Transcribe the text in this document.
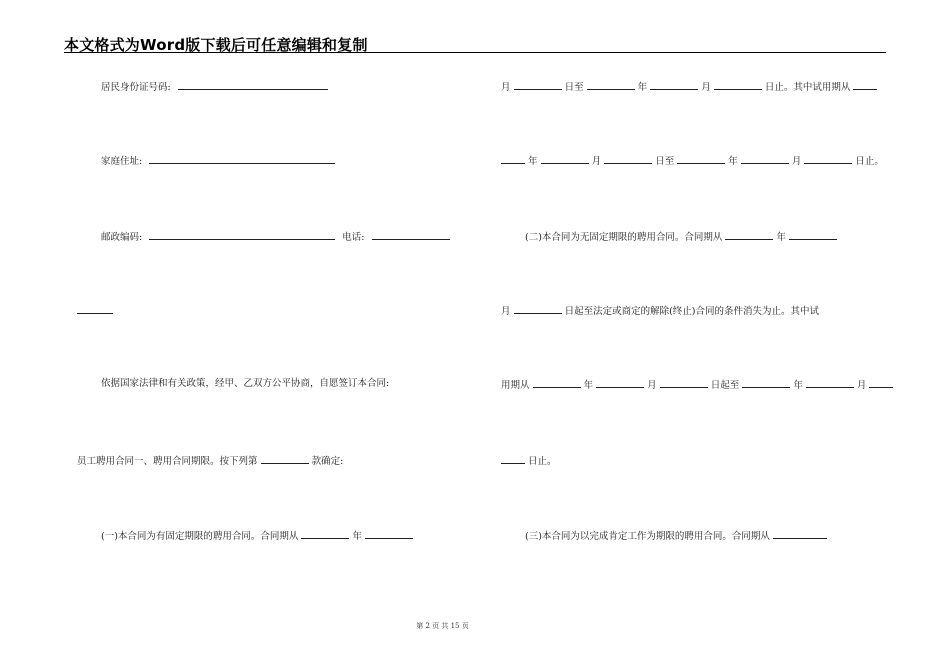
本文格式为Word版下载后可任意编辑和复制
居民身份证号码:
家庭住址:
邮政编码:	电话:
依据国家法律和有关政策，经甲、乙双方公平协商，自愿签订本合同:
员工聘用合同一、聘用合同期限。按下列第	款确定:
(一)本合同为有固定期限的聘用合同。合同期从	年
月	日至	年	月	日止。其中试用期从
年	月	日至	年	月	日止。
(二)本合同为无固定期限的聘用合同。合同期从	年
月	日起至法定或商定的解除(终止)合同的条件消失为止。其中试
用期从	年	月	日起至	年	月
日止。
(三)本合同为以完成肯定工作为期限的聘用合同。合同期从
第 2 页 共 15 页
